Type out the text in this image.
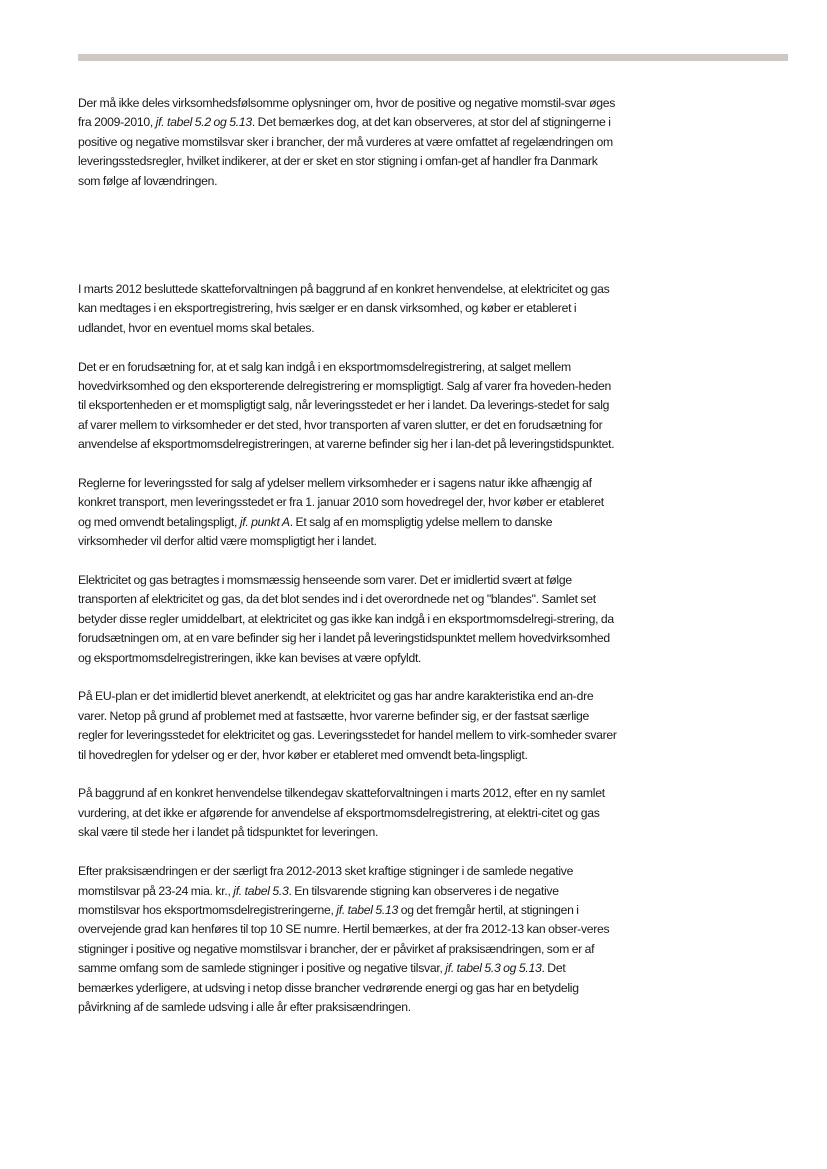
Der må ikke deles virksomhedsfølsomme oplysninger om, hvor de positive og negative momstil-svar øges fra 2009-2010, jf. tabel 5.2 og 5.13. Det bemærkes dog, at det kan observeres, at stor del af stigningerne i positive og negative momstilsvar sker i brancher, der må vurderes at være omfattet af regelændringen om leveringsstedsregler, hvilket indikerer, at der er sket en stor stigning i omfan-get af handler fra Danmark som følge af lovændringen.

I marts 2012 besluttede skatteforvaltningen på baggrund af en konkret henvendelse, at elektricitet og gas kan medtages i en eksportregistrering, hvis sælger er en dansk virksomhed, og køber er etableret i udlandet, hvor en eventuel moms skal betales.

Det er en forudsætning for, at et salg kan indgå i en eksportmomsdelregistrering, at salget mellem hovedvirksomhed og den eksporterende delregistrering er momspligtigt. Salg af varer fra hoveden-heden til eksportenheden er et momspligtigt salg, når leveringsstedet er her i landet. Da leverings-stedet for salg af varer mellem to virksomheder er det sted, hvor transporten af varen slutter, er det en forudsætning for anvendelse af eksportmomsdelregistreringen, at varerne befinder sig her i lan-det på leveringstidspunktet.

Reglerne for leveringssted for salg af ydelser mellem virksomheder er i sagens natur ikke afhængig af konkret transport, men leveringsstedet er fra 1. januar 2010 som hovedregel der, hvor køber er etableret og med omvendt betalingspligt, jf. punkt A. Et salg af en momspligtig ydelse mellem to danske virksomheder vil derfor altid være momspligtigt her i landet.

Elektricitet og gas betragtes i momsmæssig henseende som varer. Det er imidlertid svært at følge transporten af elektricitet og gas, da det blot sendes ind i det overordnede net og "blandes". Samlet set betyder disse regler umiddelbart, at elektricitet og gas ikke kan indgå i en eksportmomsdelregi-strering, da forudsætningen om, at en vare befinder sig her i landet på leveringstidspunktet mellem hovedvirksomhed og eksportmomsdelregistreringen, ikke kan bevises at være opfyldt.

På EU-plan er det imidlertid blevet anerkendt, at elektricitet og gas har andre karakteristika end an-dre varer. Netop på grund af problemet med at fastsætte, hvor varerne befinder sig, er der fastsat særlige regler for leveringsstedet for elektricitet og gas. Leveringsstedet for handel mellem to virk-somheder svarer til hovedreglen for ydelser og er der, hvor køber er etableret med omvendt beta-lingspligt.

På baggrund af en konkret henvendelse tilkendegav skatteforvaltningen i marts 2012, efter en ny samlet vurdering, at det ikke er afgørende for anvendelse af eksportmomsdelregistrering, at elektri-citet og gas skal være til stede her i landet på tidspunktet for leveringen.

Efter praksisændringen er der særligt fra 2012-2013 sket kraftige stigninger i de samlede negative momstilsvar på 23-24 mia. kr., jf. tabel 5.3. En tilsvarende stigning kan observeres i de negative momstilsvar hos eksportmomsdelregistreringerne, jf. tabel 5.13 og det fremgår hertil, at stigningen i overvejende grad kan henføres til top 10 SE numre. Hertil bemærkes, at der fra 2012-13 kan obser-veres stigninger i positive og negative momstilsvar i brancher, der er påvirket af praksisændringen, som er af samme omfang som de samlede stigninger i positive og negative tilsvar, jf. tabel 5.3 og 5.13. Det bemærkes yderligere, at udsving i netop disse brancher vedrørende energi og gas har en betydelig påvirkning af de samlede udsving i alle år efter praksisændringen.
